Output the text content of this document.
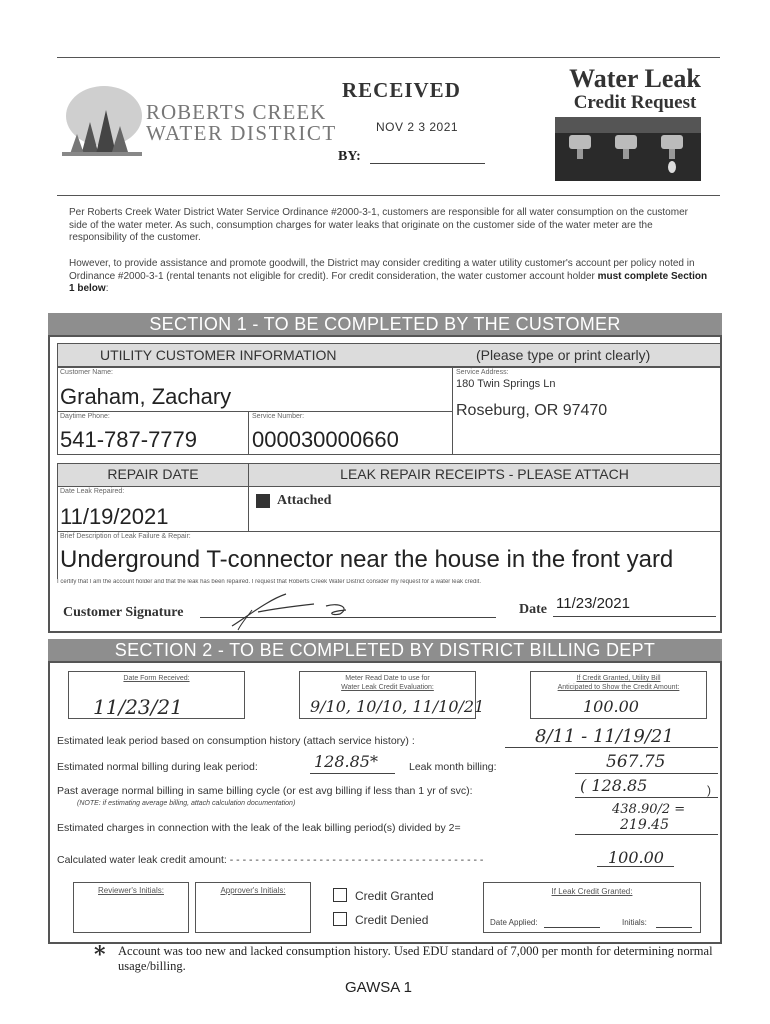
ROBERTS CREEK
WATER DISTRICT
RECEIVED
NOV 2 3 2021
BY:
Water Leak
Credit Request
Per Roberts Creek Water District Water Service Ordinance #2000-3-1, customers are responsible for all water consumption on the customer side of the water meter. As such, consumption charges for water leaks that originate on the customer side of the water meter are the responsibility of the customer.
However, to provide assistance and promote goodwill, the District may consider crediting a water utility customer's account per policy noted in Ordinance #2000-3-1 (rental tenants not eligible for credit). For credit consideration, the water customer account holder must complete Section 1 below:
SECTION 1 - TO BE COMPLETED BY THE CUSTOMER
UTILITY CUSTOMER INFORMATION	(Please type or print clearly)
Customer Name:
Graham, Zachary
Service Address:
180 Twin Springs Ln
Roseburg, OR 97470
Daytime Phone:
541-787-7779
Service Number:
000030000660
REPAIR DATE	LEAK REPAIR RECEIPTS - PLEASE ATTACH
Date Leak Repaired:
11/19/2021
Attached
Brief Description of Leak Failure & Repair:
Underground T-connector near the house in the front yard
I certify that I am the account holder and that the leak has been repaired. I request that Roberts Creek Water District consider my request for a water leak credit.
Customer Signature	Date 11/23/2021
SECTION 2 - TO BE COMPLETED BY DISTRICT BILLING DEPT
Date Form Received:
11/23/21
Meter Read Date to use for
Water Leak Credit Evaluation:
9/10, 10/10, 11/10/21
If Credit Granted, Utility Bill
Anticipated to Show the Credit Amount:
100.00
Estimated leak period based on consumption history (attach service history) :	8/11 - 11/19/21
Estimated normal billing during leak period:	128.85*	Leak month billing:	567.75
Past average normal billing in same billing cycle (or est avg billing if less than 1 yr of svc):	( 128.85	)
(NOTE: if estimating average billing, attach calculation documentation)	438.90/2 =
Estimated charges in connection with the leak of the leak billing period(s) divided by 2=	219.45
Calculated water leak credit amount: - - - - - - - - - - - - - - - - - - - - - - - - - - - - - - - - - - - - - - - -	100.00
Reviewer's Initials:	Approver's Initials:	Credit Granted
Credit Denied
If Leak Credit Granted:
Date Applied:	Initials:
* Account was too new and lacked consumption history. Used EDU standard of 7,000 per month for determining normal usage/billing.
GAWSA 1
